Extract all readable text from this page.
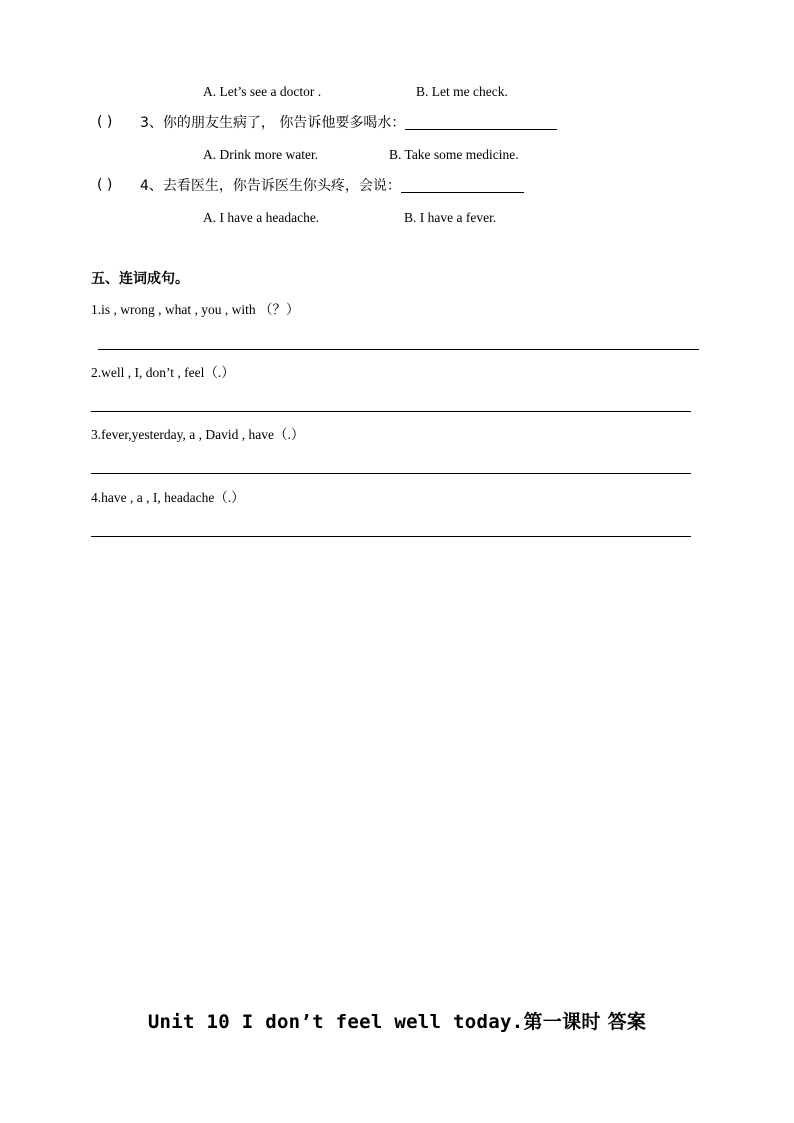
A. Let’s see a doctor .	B. Let me check.
( ) 3、你的朋友生病了， 你告诉他要多喝水：
A. Drink more water.	B. Take some medicine.
( ) 4、去看医生，你告诉医生你头疼，会说：
A. I have a headache.	B. I have a fever.
五、连词成句。
1.is , wrong , what , you , with （？）
2.well , I, don’t , feel（.）
3.fever,yesterday, a , David , have（.）
4.have , a , I, headache（.）
Unit 10 I don’t feel well today.第一课时 答案
